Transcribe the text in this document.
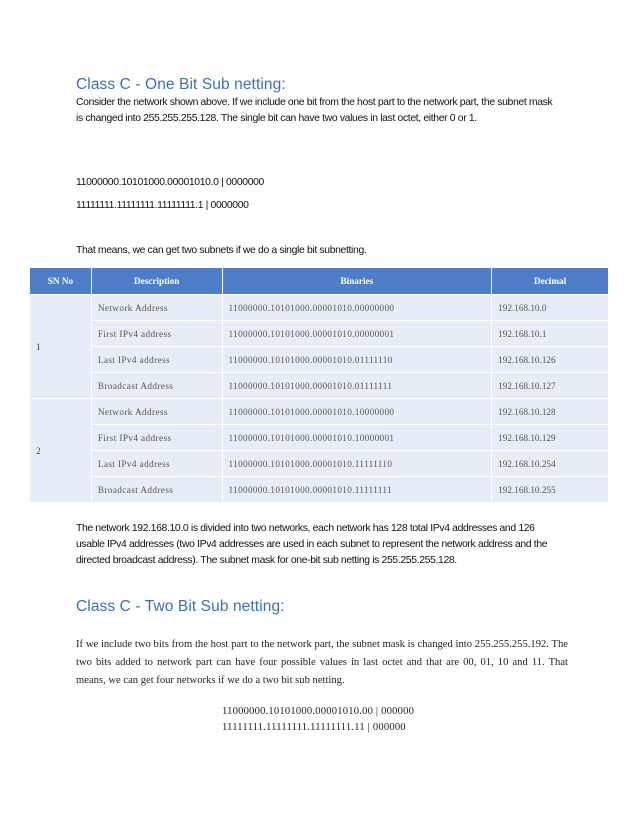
Class C - One Bit Sub netting:
Consider the network shown above. If we include one bit from the host part to the network part, the subnet mask is changed into 255.255.255.128. The single bit can have two values in last octet, either 0 or 1.
11000000.10101000.00001010.0 | 0000000
11111111.11111111.11111111.1 | 0000000
That means, we can get two subnets if we do a single bit subnetting.
SN No	Description	Binaries	Decimal
1	Network Address	11000000.10101000.00001010.00000000	192.168.10.0
	First IPv4 address	11000000.10101000.00001010.00000001	192.168.10.1
	Last IPv4 address	11000000.10101000.00001010.01111110	192.168.10.126
	Broadcast Address	11000000.10101000.00001010.01111111	192.168.10.127
2	Network Address	11000000.10101000.00001010.10000000	192.168.10.128
	First IPv4 address	11000000.10101000.00001010.10000001	192.168.10.129
	Last IPv4 address	11000000.10101000.00001010.11111110	192.168.10.254
	Broadcast Address	11000000.10101000.00001010.11111111	192.168.10.255
The network 192.168.10.0 is divided into two networks, each network has 128 total IPv4 addresses and 126 usable IPv4 addresses (two IPv4 addresses are used in each subnet to represent the network address and the directed broadcast address). The subnet mask for one-bit sub netting is 255.255.255.128.
Class C - Two Bit Sub netting:
If we include two bits from the host part to the network part, the subnet mask is changed into 255.255.255.192. The two bits added to network part can have four possible values in last octet and that are 00, 01, 10 and 11. That means, we can get four networks if we do a two bit sub netting.
11000000.10101000.00001010.00 | 000000
11111111.11111111.11111111.11 | 000000
